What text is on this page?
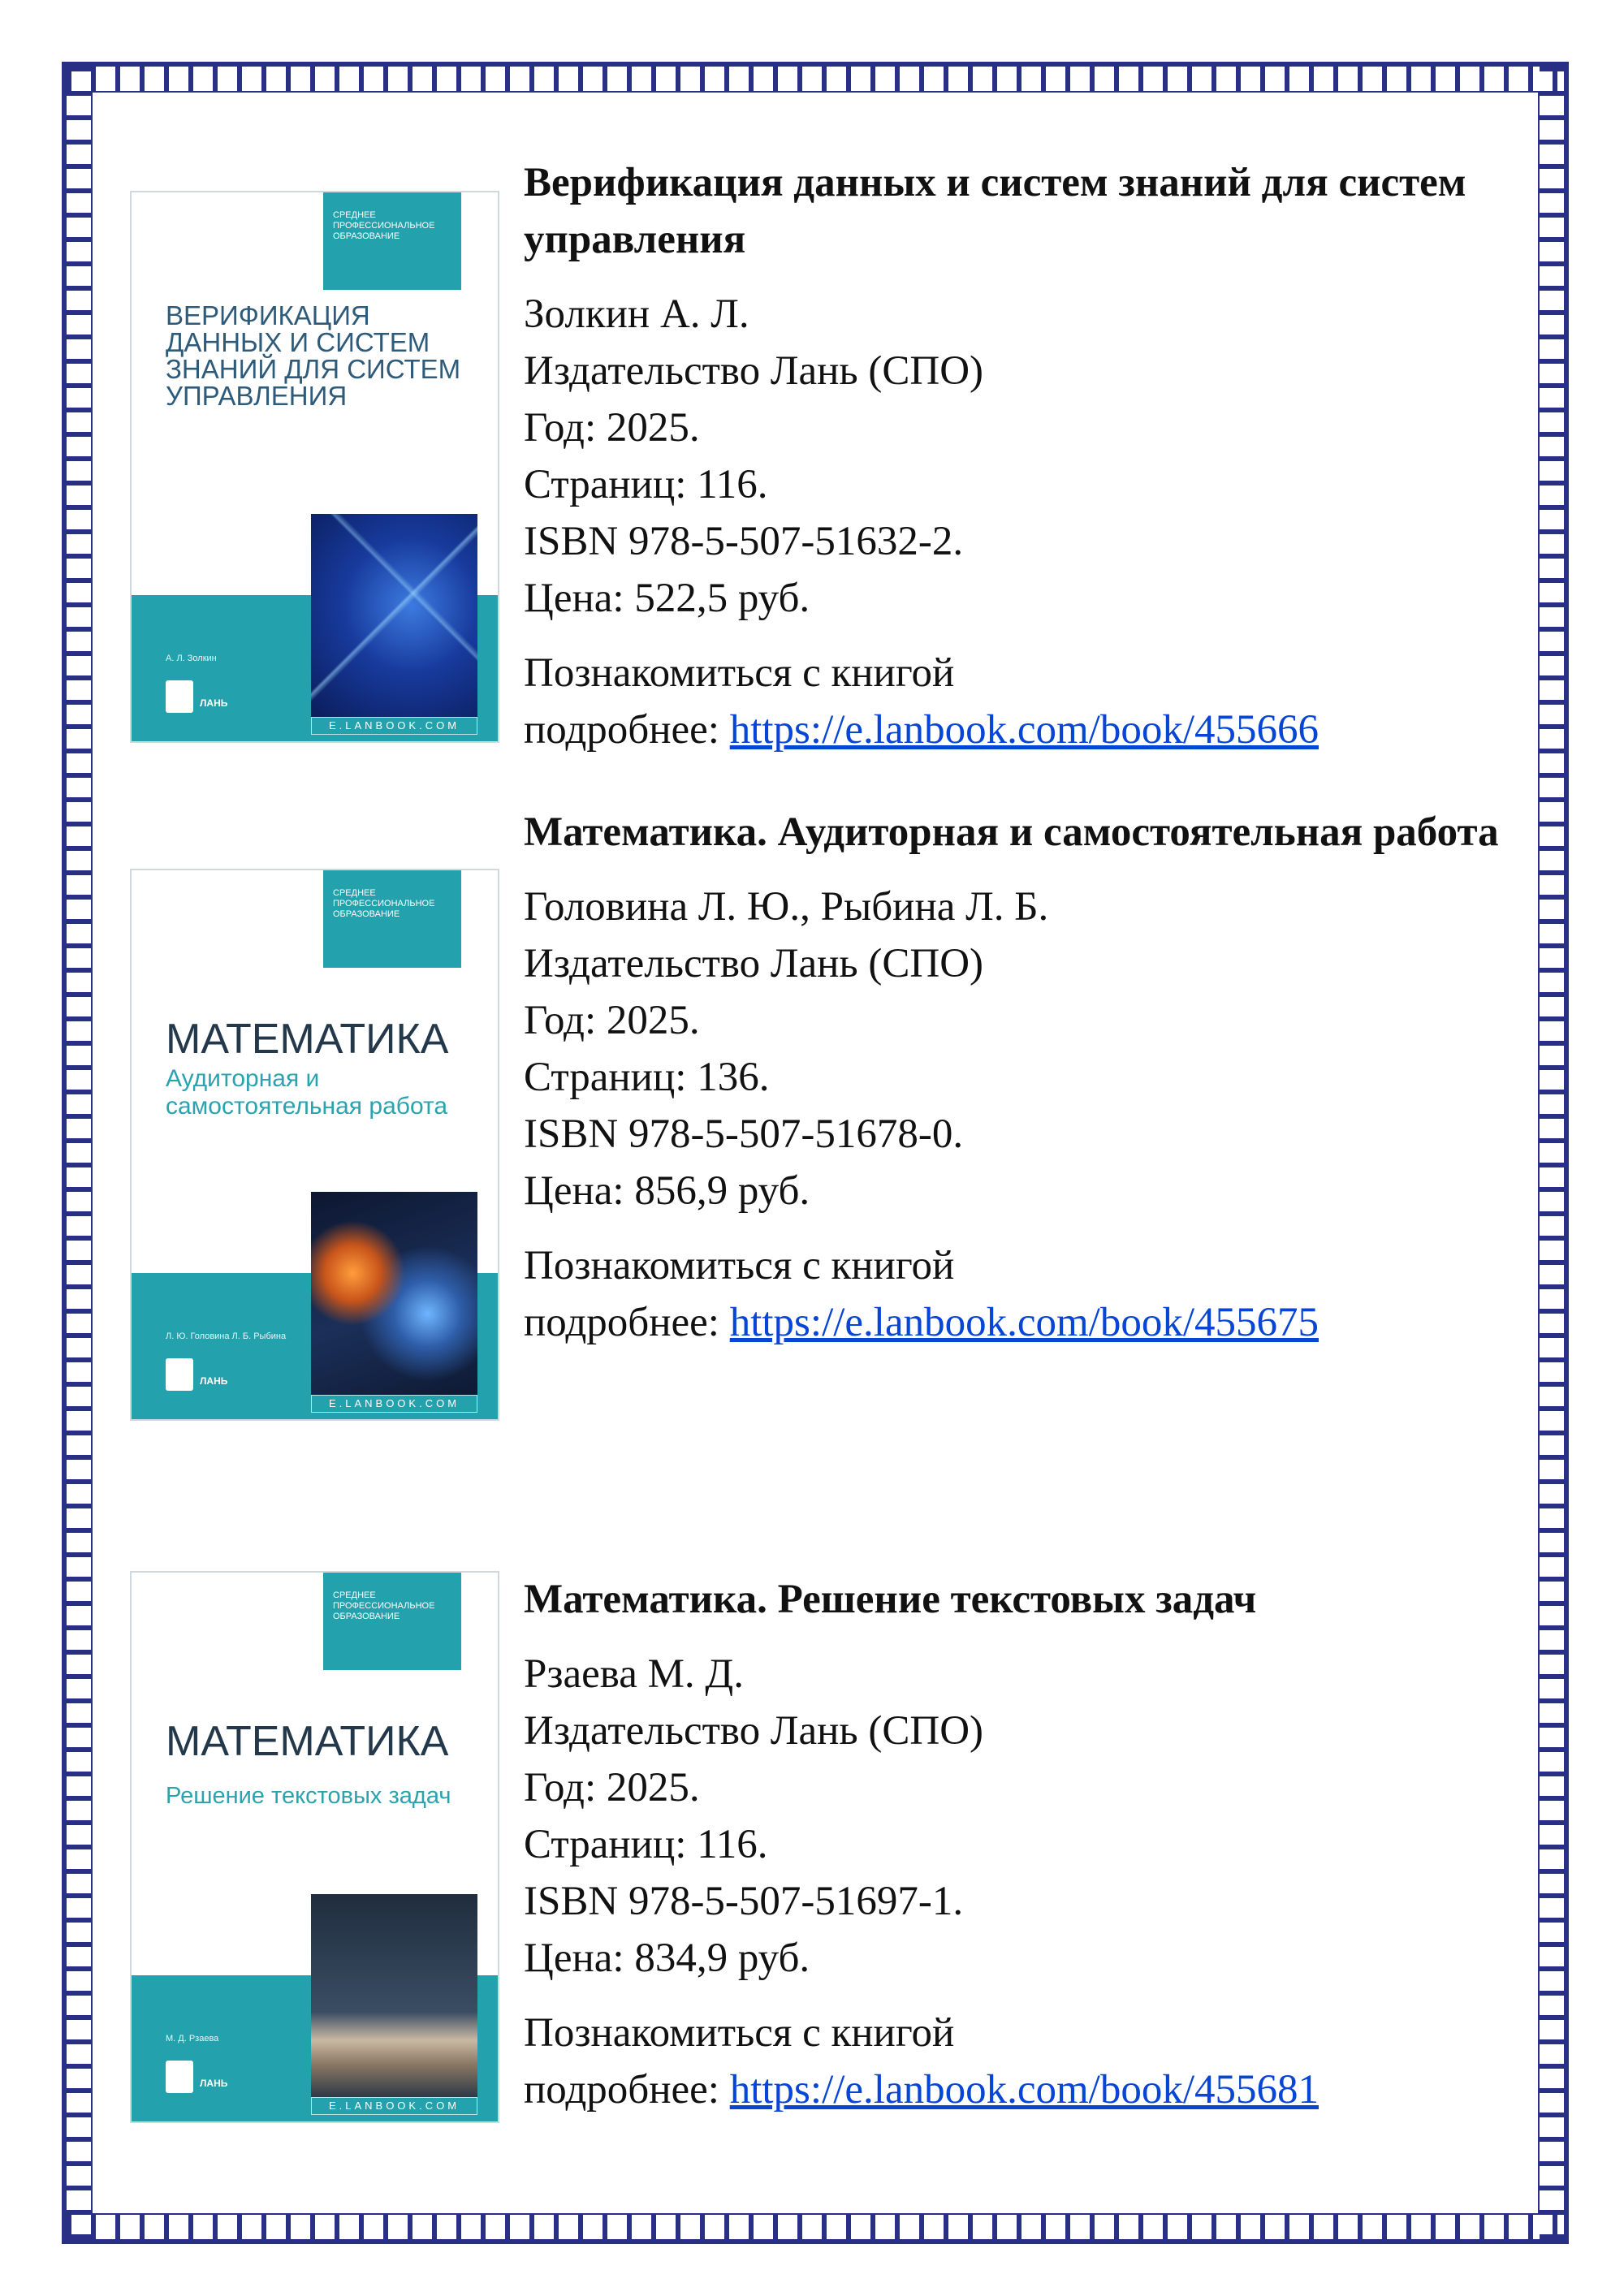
СРЕДНЕЕ ПРОФЕССИОНАЛЬНОЕ ОБРАЗОВАНИЕ
ВЕРИФИКАЦИЯ ДАННЫХ И СИСТЕМ ЗНАНИЙ ДЛЯ СИСТЕМ УПРАВЛЕНИЯ
А. Л. Золкин
ЛАНЬ
E.LANBOOK.COM

Верификация данных и систем знаний для систем управления

Золкин А. Л.

Издательство Лань (СПО)

Год: 2025.

Страниц: 116.

ISBN 978-5-507-51632-2.

Цена: 522,5 руб.

Познакомиться с книгой

подробнее: https://e.lanbook.com/book/455666

СРЕДНЕЕ ПРОФЕССИОНАЛЬНОЕ ОБРАЗОВАНИЕ
МАТЕМАТИКА
Аудиторная и самостоятельная работа
Л. Ю. Головина Л. Б. Рыбина
ЛАНЬ
E.LANBOOK.COM

Математика. Аудиторная и самостоятельная работа

Головина Л. Ю., Рыбина Л. Б.

Издательство Лань (СПО)

Год: 2025.

Страниц: 136.

ISBN 978-5-507-51678-0.

Цена: 856,9 руб.

Познакомиться с книгой

подробнее: https://e.lanbook.com/book/455675

СРЕДНЕЕ ПРОФЕССИОНАЛЬНОЕ ОБРАЗОВАНИЕ
МАТЕМАТИКА
Решение текстовых задач
М. Д. Рзаева
ЛАНЬ
E.LANBOOK.COM

Математика. Решение текстовых задач

Рзаева М. Д.

Издательство Лань (СПО)

Год: 2025.

Страниц: 116.

ISBN 978-5-507-51697-1.

Цена: 834,9 руб.

Познакомиться с книгой

подробнее: https://e.lanbook.com/book/455681
